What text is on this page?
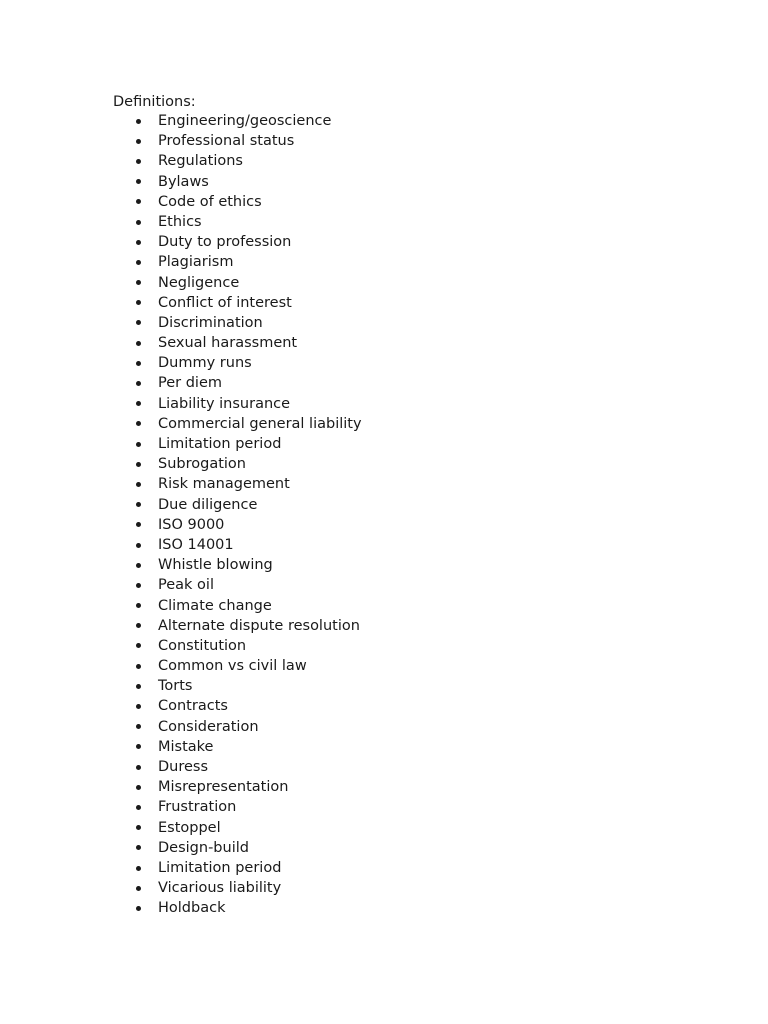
Definitions:

Engineering/geoscience
Professional status
Regulations
Bylaws
Code of ethics
Ethics
Duty to profession
Plagiarism
Negligence
Conflict of interest
Discrimination
Sexual harassment
Dummy runs
Per diem
Liability insurance
Commercial general liability
Limitation period
Subrogation
Risk management
Due diligence
ISO 9000
ISO 14001
Whistle blowing
Peak oil
Climate change
Alternate dispute resolution
Constitution
Common vs civil law
Torts
Contracts
Consideration
Mistake
Duress
Misrepresentation
Frustration
Estoppel
Design-build
Limitation period
Vicarious liability
Holdback
